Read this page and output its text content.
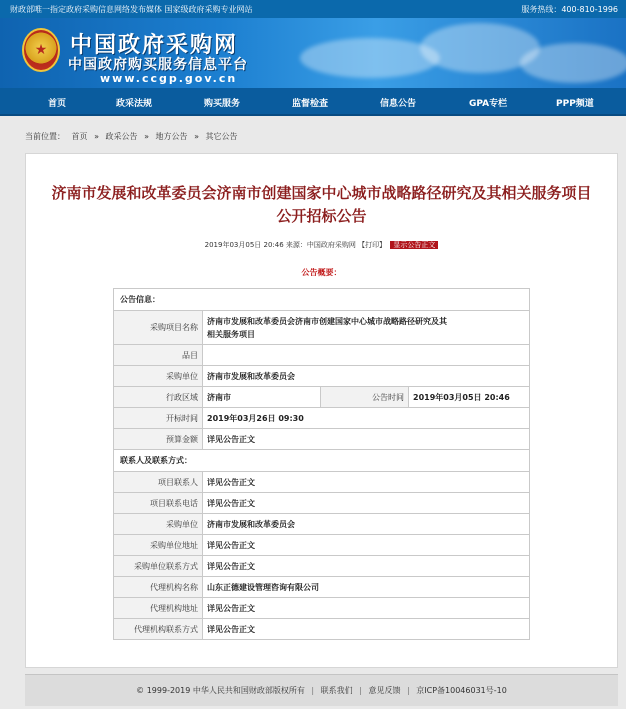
财政部唯一指定政府采购信息网络发布媒体 国家级政府采购专业网站	服务热线：400-810-1996
★	中国政府采购网
中国政府购买服务信息平台
www.ccgp.gov.cn
首页	政采法规	购买服务	监督检查	信息公告	GPA专栏	PPP频道
当前位置： 首页 » 政采公告 » 地方公告 » 其它公告
济南市发展和改革委员会济南市创建国家中心城市战略路径研究及其相关服务项目
公开招标公告
2019年03月05日 20:46 来源：中国政府采购网 【打印】 显示公告正文
公告概要：
公告信息：			
采购项目名称	济南市发展和改革委员会济南市创建国家中心城市战略路径研究及其
相关服务项目		

品目			
采购单位	济南市发展和改革委员会		
行政区域	济南市	公告时间	2019年03月05日 20:46
开标时间	2019年03月26日 09:30		
预算金额	详见公告正文		
联系人及联系方式：			
项目联系人	详见公告正文		
项目联系电话	详见公告正文		
采购单位	济南市发展和改革委员会		
采购单位地址	详见公告正文		
采购单位联系方式	详见公告正文		
代理机构名称	山东正德建设管理咨询有限公司		
代理机构地址	详见公告正文		
代理机构联系方式	详见公告正文		
© 1999-2019 中华人民共和国财政部版权所有 | 联系我们 | 意见反馈 | 京ICP备10046031号-10
